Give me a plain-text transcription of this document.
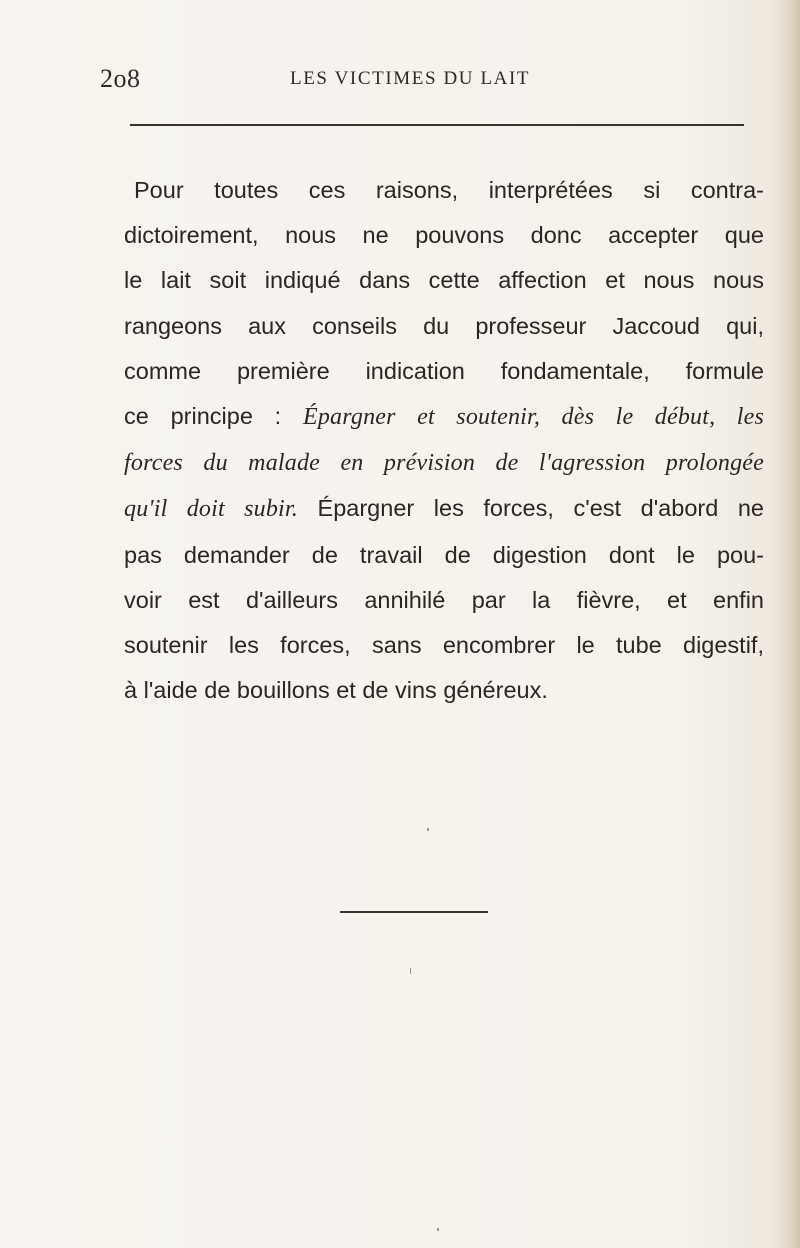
2o8	LES VICTIMES DU LAIT
Pour toutes ces raisons, interprétées si contra-
dictoirement, nous ne pouvons donc accepter que
le lait soit indiqué dans cette affection et nous nous
rangeons aux conseils du professeur Jaccoud qui,
comme première indication fondamentale, formule
ce principe : Épargner et soutenir, dès le début, les
forces du malade en prévision de l'agression prolongée
qu'il doit subir. Épargner les forces, c'est d'abord ne
pas demander de travail de digestion dont le pou-
voir est d'ailleurs annihilé par la fièvre, et enfin
soutenir les forces, sans encombrer le tube digestif,
à l'aide de bouillons et de vins généreux.
